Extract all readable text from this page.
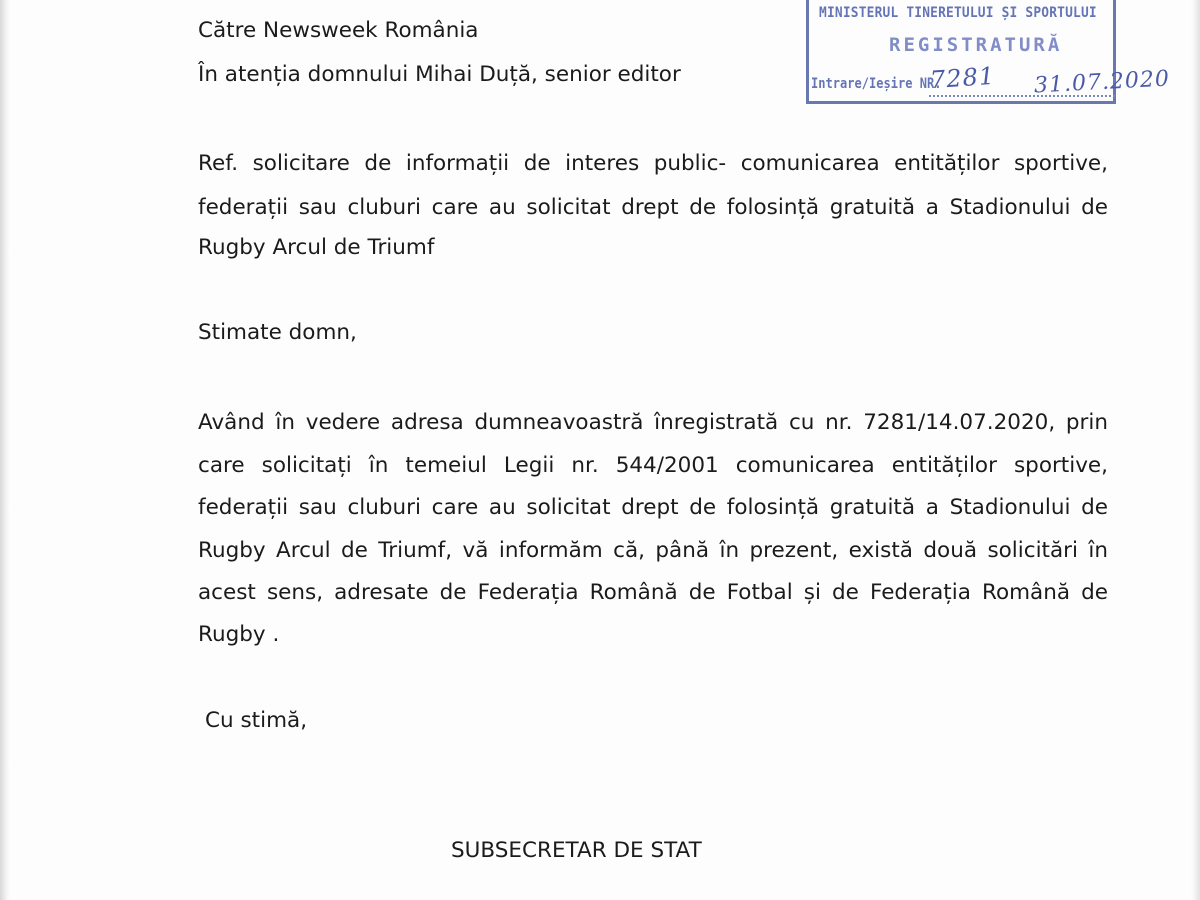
MINISTERUL TINERETULUI ȘI SPORTULUI
REGISTRATURĂ
Intrare/Ieșire NR.
7281 31.07.2020
Către Newsweek România
În atenția domnului Mihai Duță, senior editor
Ref. solicitare de informații de interes public- comunicarea entităților sportive,
federații sau cluburi care au solicitat drept de folosință gratuită a Stadionului de
Rugby Arcul de Triumf
Stimate domn,
Având în vedere adresa dumneavoastră înregistrată cu nr. 7281/14.07.2020, prin
care solicitați în temeiul Legii nr. 544/2001 comunicarea entităților sportive,
federații sau cluburi care au solicitat drept de folosință gratuită a Stadionului de
Rugby Arcul de Triumf, vă informăm că, până în prezent, există două solicitări în
acest sens, adresate de Federația Română de Fotbal și de Federația Română de
Rugby .
Cu stimă,
SUBSECRETAR DE STAT
